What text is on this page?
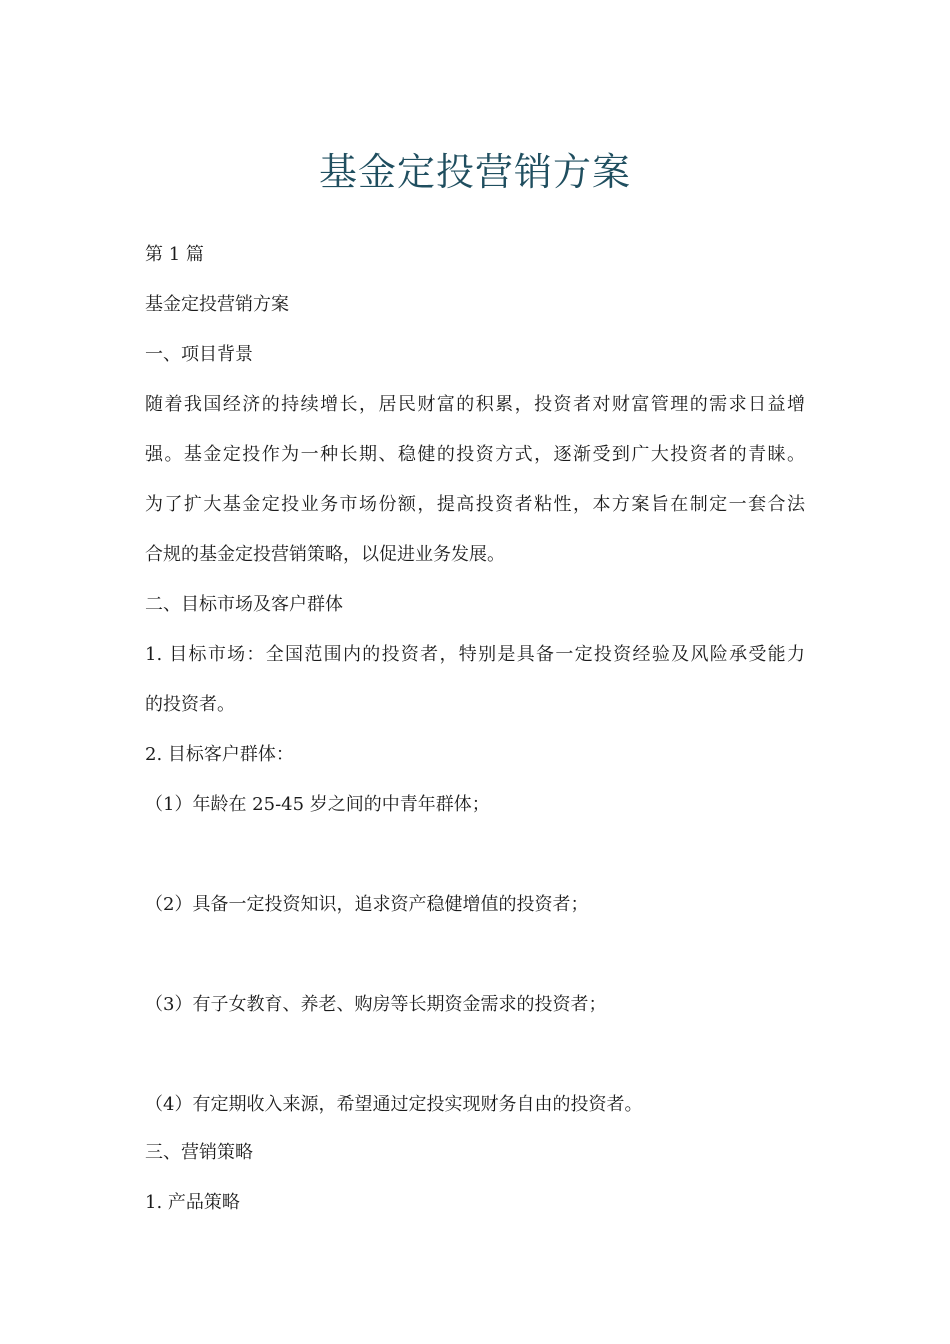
基金定投营销方案
第 1 篇
基金定投营销方案
一、项目背景
随着我国经济的持续增长，居民财富的积累，投资者对财富管理的需求日益增
强。基金定投作为一种长期、稳健的投资方式，逐渐受到广大投资者的青睐。
为了扩大基金定投业务市场份额，提高投资者粘性，本方案旨在制定一套合法
合规的基金定投营销策略，以促进业务发展。
二、目标市场及客户群体
1. 目标市场：全国范围内的投资者，特别是具备一定投资经验及风险承受能力
的投资者。
2. 目标客户群体：
（1）年龄在 25-45 岁之间的中青年群体；
（2）具备一定投资知识，追求资产稳健增值的投资者；
（3）有子女教育、养老、购房等长期资金需求的投资者；
（4）有定期收入来源，希望通过定投实现财务自由的投资者。
三、营销策略
1. 产品策略
